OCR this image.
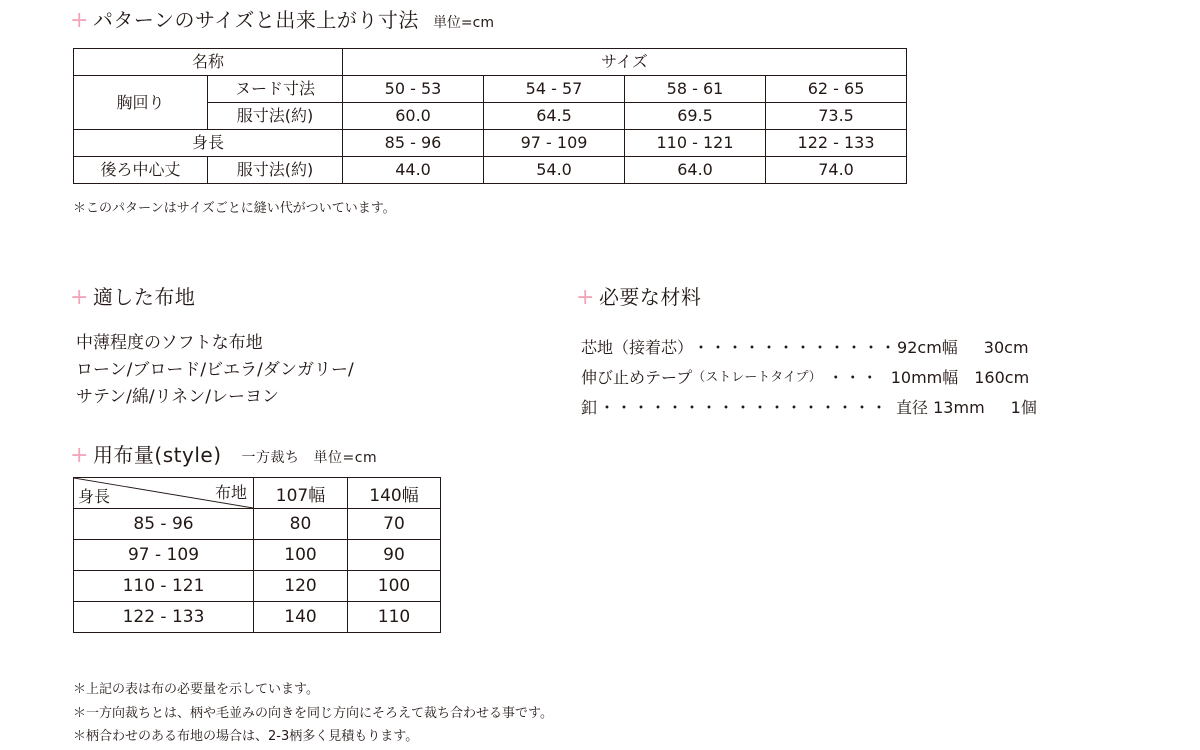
+ パターンのサイズと出来上がり寸法 単位=cm
名称		サイズ			
胸回り	ヌード寸法	50 - 53	54 - 57	58 - 61	62 - 65
	服寸法(約)	60.0	64.5	69.5	73.5
身長		85 - 96	97 - 109	110 - 121	122 - 133
後ろ中心丈	服寸法(約)	44.0	54.0	64.0	74.0
＊このパターンはサイズごとに縫い代がついています。
+ 適した布地
中薄程度のソフトな布地
ローン/ブロード/ビエラ/ダンガリー/
サテン/綿/リネン/レーヨン
+ 必要な材料
芯地（接着芯） ・・・・・・・・・・・・ 92cm幅 30cm
伸び止めテープ （ストレートタイプ） ・・・ 10mm幅 160cm
釦 ・・・・・・・・・・・・・・・・・ 直径 13mm 1個
+ 用布量(style) 一方裁ち 単位=cm
布地
身長	107幅	140幅
85 - 96	80	70
97 - 109	100	90
110 - 121	120	100
122 - 133	140	110
＊上記の表は布の必要量を示しています。
＊一方向裁ちとは、柄や毛並みの向きを同じ方向にそろえて裁ち合わせる事です。
＊柄合わせのある布地の場合は、2-3柄多く見積もります。
